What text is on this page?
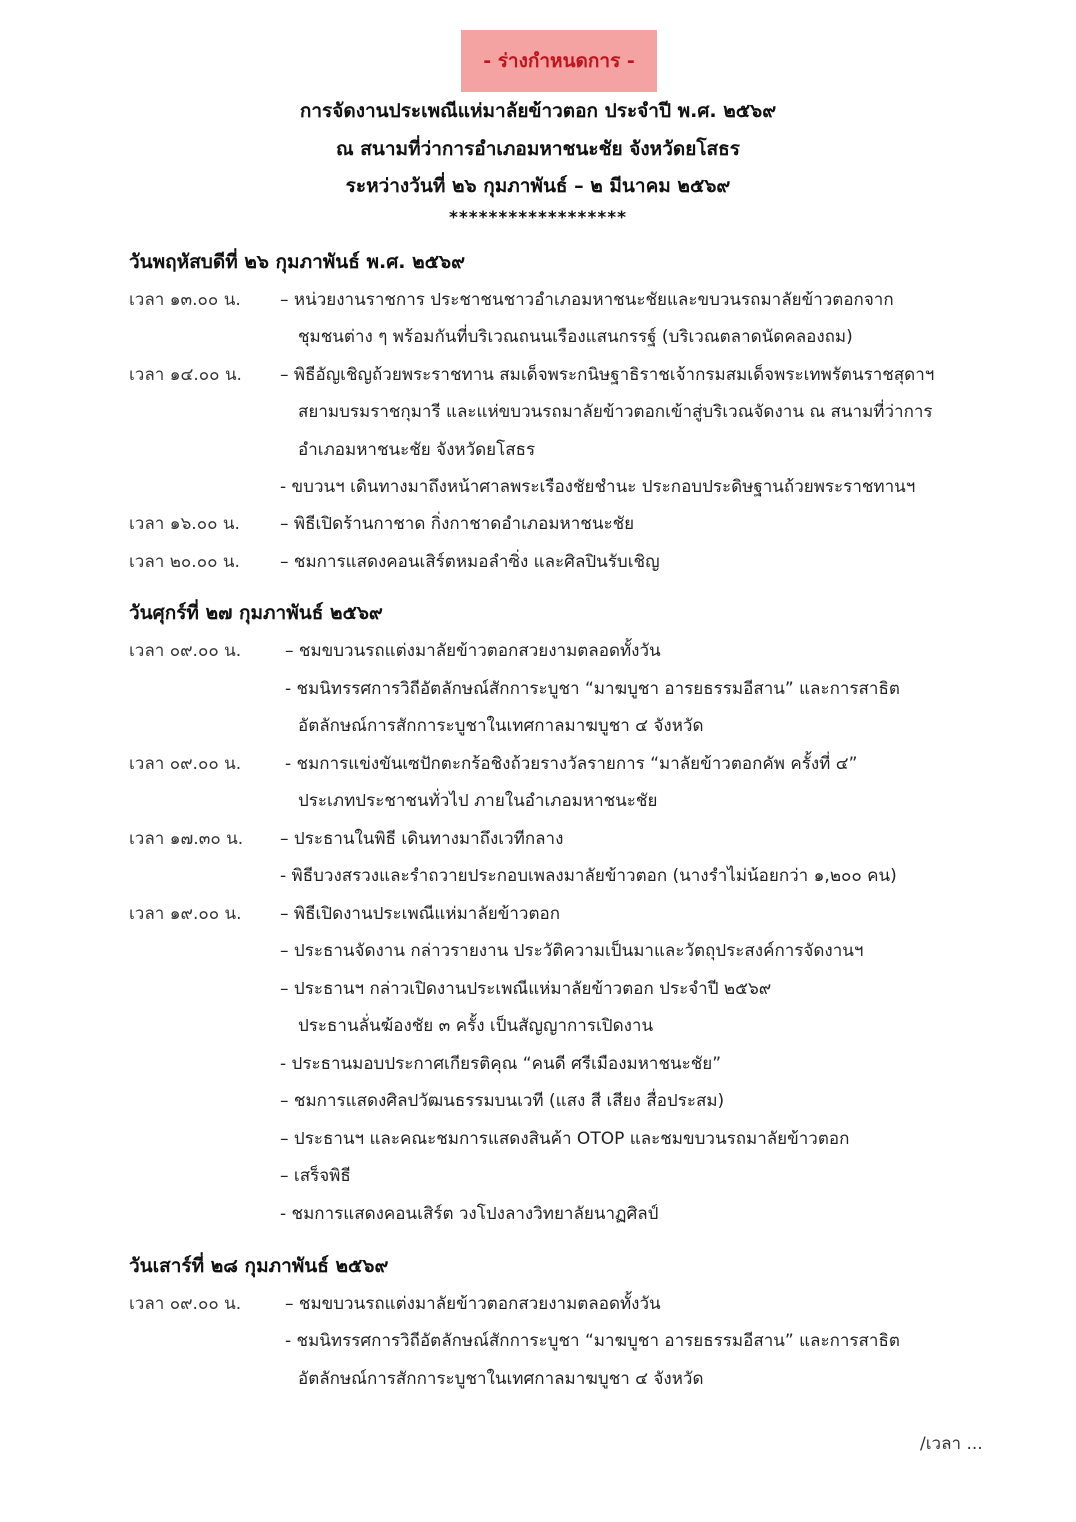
- ร่างกำหนดการ -
การจัดงานประเพณีแห่มาลัยข้าวตอก ประจำปี พ.ศ. ๒๕๖๙
ณ สนามที่ว่าการอำเภอมหาชนะชัย จังหวัดยโสธร
ระหว่างวันที่ ๒๖ กุมภาพันธ์ – ๒ มีนาคม ๒๕๖๙
******************
วันพฤหัสบดีที่ ๒๖ กุมภาพันธ์ พ.ศ. ๒๕๖๙
เวลา ๑๓.๐๐ น. – หน่วยงานราชการ ประชาชนชาวอำเภอมหาชนะชัยและขบวนรถมาลัยข้าวตอกจาก
ชุมชนต่าง ๆ พร้อมกันที่บริเวณถนนเรืองแสนกรรฐ์ (บริเวณตลาดนัดคลองถม)
เวลา ๑๔.๐๐ น. – พิธีอัญเชิญถ้วยพระราชทาน สมเด็จพระกนิษฐาธิราชเจ้ากรมสมเด็จพระเทพรัตนราชสุดาฯ
สยามบรมราชกุมารี และแห่ขบวนรถมาลัยข้าวตอกเข้าสู่บริเวณจัดงาน ณ สนามที่ว่าการ
อำเภอมหาชนะชัย จังหวัดยโสธร
- ขบวนฯ เดินทางมาถึงหน้าศาลพระเรืองชัยชำนะ ประกอบประดิษฐานถ้วยพระราชทานฯ
เวลา ๑๖.๐๐ น. – พิธีเปิดร้านกาชาด กิ่งกาชาดอำเภอมหาชนะชัย
เวลา ๒๐.๐๐ น. – ชมการแสดงคอนเสิร์ตหมอลำซิ่ง และศิลปินรับเชิญ
วันศุกร์ที่ ๒๗ กุมภาพันธ์ ๒๕๖๙
เวลา ๐๙.๐๐ น.	– ชมขบวนรถแต่งมาลัยข้าวตอกสวยงามตลอดทั้งวัน
- ชมนิทรรศการวิถีอัตลักษณ์สักการะบูชา “มาฆบูชา อารยธรรมอีสาน” และการสาธิต
อัตลักษณ์การสักการะบูชาในเทศกาลมาฆบูชา ๔ จังหวัด
เวลา ๐๙.๐๐ น.	- ชมการแข่งขันเซปักตะกร้อชิงถ้วยรางวัลรายการ “มาลัยข้าวตอกคัพ ครั้งที่ ๔”
ประเภทประชาชนทั่วไป ภายในอำเภอมหาชนะชัย
เวลา ๑๗.๓๐ น. – ประธานในพิธี เดินทางมาถึงเวทีกลาง
- พิธีบวงสรวงและรำถวายประกอบเพลงมาลัยข้าวตอก (นางรำไม่น้อยกว่า ๑,๒๐๐ คน)
เวลา ๑๙.๐๐ น. – พิธีเปิดงานประเพณีแห่มาลัยข้าวตอก
– ประธานจัดงาน กล่าวรายงาน ประวัติความเป็นมาและวัตถุประสงค์การจัดงานฯ
– ประธานฯ กล่าวเปิดงานประเพณีแห่มาลัยข้าวตอก ประจำปี ๒๕๖๙
ประธานลั่นฆ้องชัย ๓ ครั้ง เป็นสัญญาการเปิดงาน
- ประธานมอบประกาศเกียรติคุณ “คนดี ศรีเมืองมหาชนะชัย”
– ชมการแสดงศิลปวัฒนธรรมบนเวที (แสง สี เสียง สื่อประสม)
– ประธานฯ และคณะชมการแสดงสินค้า OTOP และชมขบวนรถมาลัยข้าวตอก
– เสร็จพิธี
- ชมการแสดงคอนเสิร์ต วงโปงลางวิทยาลัยนาฏศิลป์
วันเสาร์ที่ ๒๘ กุมภาพันธ์ ๒๕๖๙
เวลา ๐๙.๐๐ น.	– ชมขบวนรถแต่งมาลัยข้าวตอกสวยงามตลอดทั้งวัน
- ชมนิทรรศการวิถีอัตลักษณ์สักการะบูชา “มาฆบูชา อารยธรรมอีสาน” และการสาธิต
อัตลักษณ์การสักการะบูชาในเทศกาลมาฆบูชา ๔ จังหวัด
/เวลา ...
